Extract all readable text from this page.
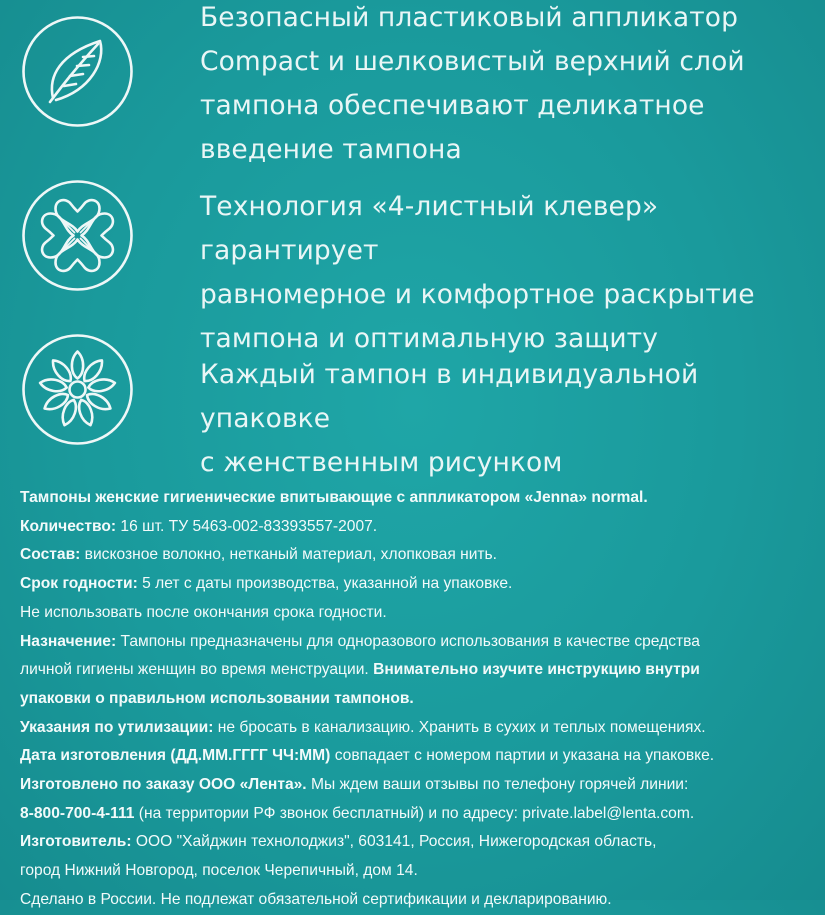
Безопасный пластиковый аппликатор
Compact и шелковистый верхний слой
тампона обеспечивают деликатное
введение тампона
Технология «4-листный клевер» гарантирует
равномерное и комфортное раскрытие
тампона и оптимальную защиту
Каждый тампон в индивидуальной упаковке
с женственным рисунком
Тампоны женские гигиенические впитывающие с аппликатором «Jenna» normal.
Количество: 16 шт. ТУ 5463-002-83393557-2007.
Состав: вискозное волокно, нетканый материал, хлопковая нить.
Срок годности: 5 лет с даты производства, указанной на упаковке.
Не использовать после окончания срока годности.
Назначение: Тампоны предназначены для одноразового использования в качестве средства
личной гигиены женщин во время менструации. Внимательно изучите инструкцию внутри
упаковки о правильном использовании тампонов.
Указания по утилизации: не бросать в канализацию. Хранить в сухих и теплых помещениях.
Дата изготовления (ДД.ММ.ГГГГ ЧЧ:ММ) совпадает с номером партии и указана на упаковке.
Изготовлено по заказу ООО «Лента». Мы ждем ваши отзывы по телефону горячей линии:
8-800-700-4-111 (на территории РФ звонок бесплатный) и по адресу: private.label@lenta.com.
Изготовитель: ООО "Хайджин технолоджиз", 603141, Россия, Нижегородская область,
город Нижний Новгород, поселок Черепичный, дом 14.
Сделано в России. Не подлежат обязательной сертификации и декларированию.
